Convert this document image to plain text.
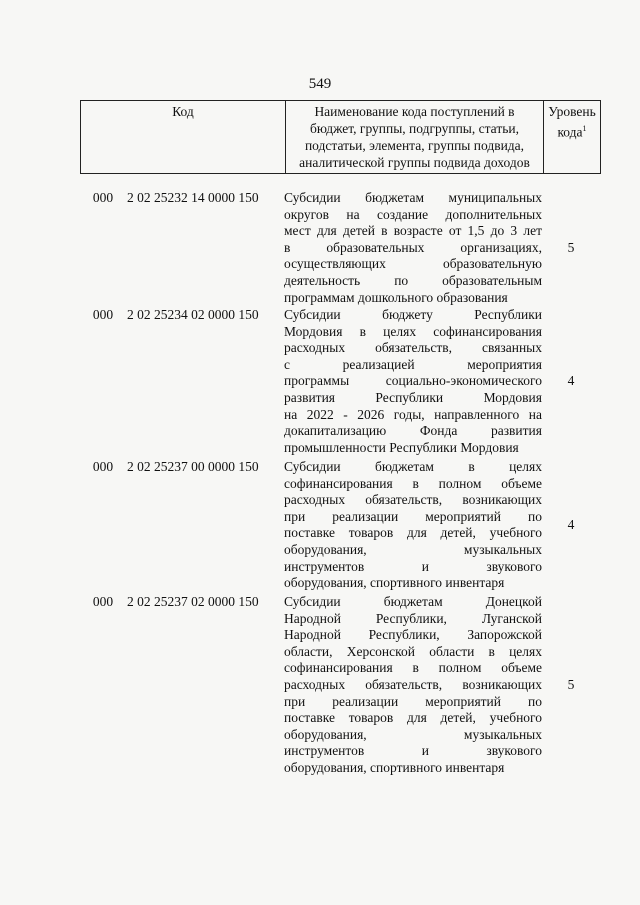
549
Код	Наименование кода поступлений в
бюджет, группы, подгруппы, статьи,
подстатьи, элемента, группы подвида,
аналитической группы подвида доходов

Уровень
кода$^1$
000	2 02 25232 14 0000 150	Субсидии бюджетам муниципальных
округов на создание дополнительных
мест для детей в возрасте от 1,5 до 3 лет
в образовательных организациях,
осуществляющих образовательную
деятельность по образовательным
программам дошкольного образования
5
000	2 02 25234 02 0000 150	Субсидии бюджету Республики
Мордовия в целях софинансирования
расходных обязательств, связанных
с реализацией мероприятия
программы социально-экономического
развития Республики Мордовия
на 2022 - 2026 годы, направленного на
докапитализацию Фонда развития
промышленности Республики Мордовия
4
000	2 02 25237 00 0000 150	Субсидии бюджетам в целях
софинансирования в полном объеме
расходных обязательств, возникающих
при реализации мероприятий по
поставке товаров для детей, учебного
оборудования, музыкальных
инструментов и звукового
оборудования, спортивного инвентаря
4
000	2 02 25237 02 0000 150	Субсидии бюджетам Донецкой
Народной Республики, Луганской
Народной Республики, Запорожской
области, Херсонской области в целях
софинансирования в полном объеме
расходных обязательств, возникающих
при реализации мероприятий по
поставке товаров для детей, учебного
оборудования, музыкальных
инструментов и звукового
оборудования, спортивного инвентаря
5
